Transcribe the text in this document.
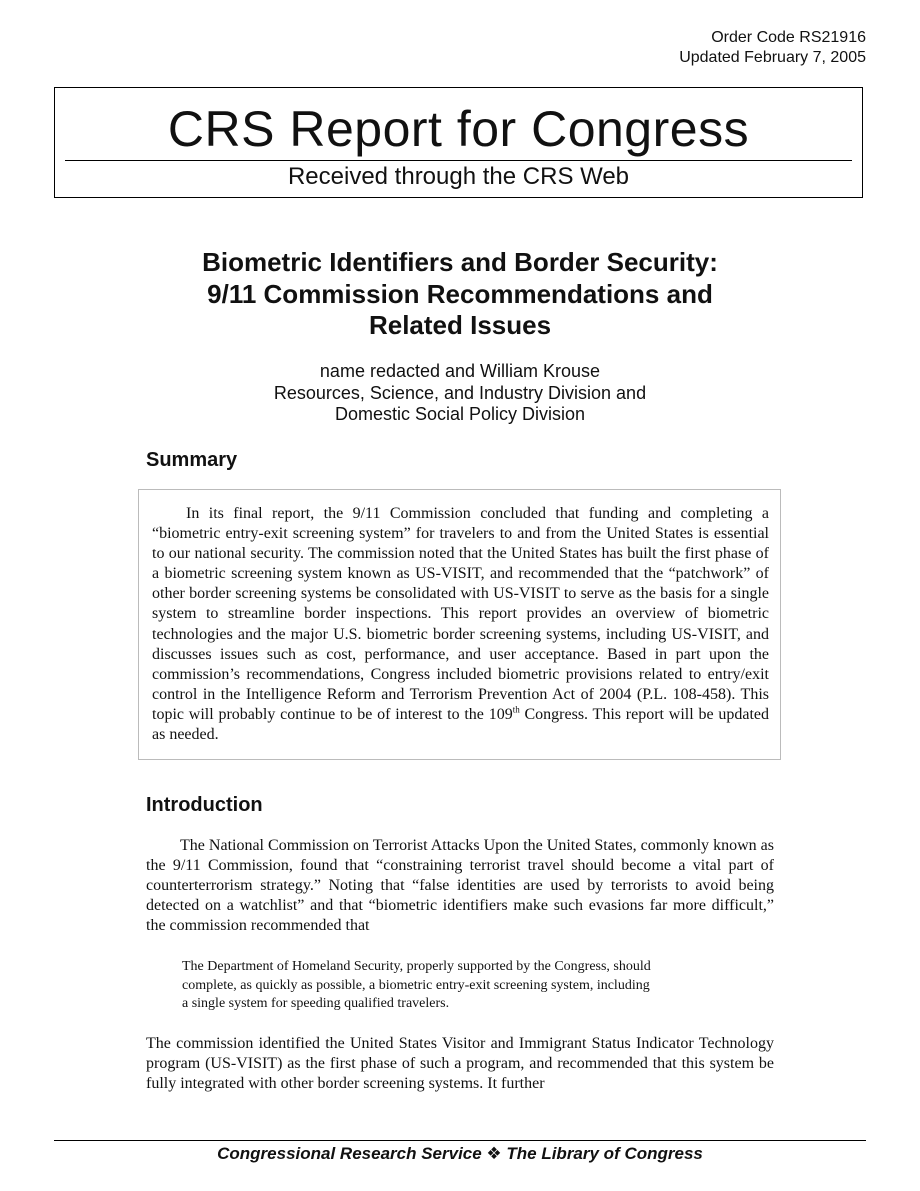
Order Code RS21916
Updated February 7, 2005
CRS Report for Congress
Received through the CRS Web
Biometric Identifiers and Border Security:
9/11 Commission Recommendations and
Related Issues
name redacted and William Krouse
Resources, Science, and Industry Division and
Domestic Social Policy Division
Summary
In its final report, the 9/11 Commission concluded that funding and completing a “biometric entry-exit screening system” for travelers to and from the United States is essential to our national security. The commission noted that the United States has built the first phase of a biometric screening system known as US-VISIT, and recommended that the “patchwork” of other border screening systems be consolidated with US-VISIT to serve as the basis for a single system to streamline border inspections. This report provides an overview of biometric technologies and the major U.S. biometric border screening systems, including US-VISIT, and discusses issues such as cost, performance, and user acceptance. Based in part upon the commission’s recommendations, Congress included biometric provisions related to entry/exit control in the Intelligence Reform and Terrorism Prevention Act of 2004 (P.L. 108-458). This topic will probably continue to be of interest to the 109th Congress. This report will be updated as needed.
Introduction
The National Commission on Terrorist Attacks Upon the United States, commonly known as the 9/11 Commission, found that “constraining terrorist travel should become a vital part of counterterrorism strategy.” Noting that “false identities are used by terrorists to avoid being detected on a watchlist” and that “biometric identifiers make such evasions far more difficult,” the commission recommended that
The Department of Homeland Security, properly supported by the Congress, should
complete, as quickly as possible, a biometric entry-exit screening system, including
a single system for speeding qualified travelers.
The commission identified the United States Visitor and Immigrant Status Indicator Technology program (US-VISIT) as the first phase of such a program, and recommended that this system be fully integrated with other border screening systems. It further
Congressional Research Service ❖ The Library of Congress
